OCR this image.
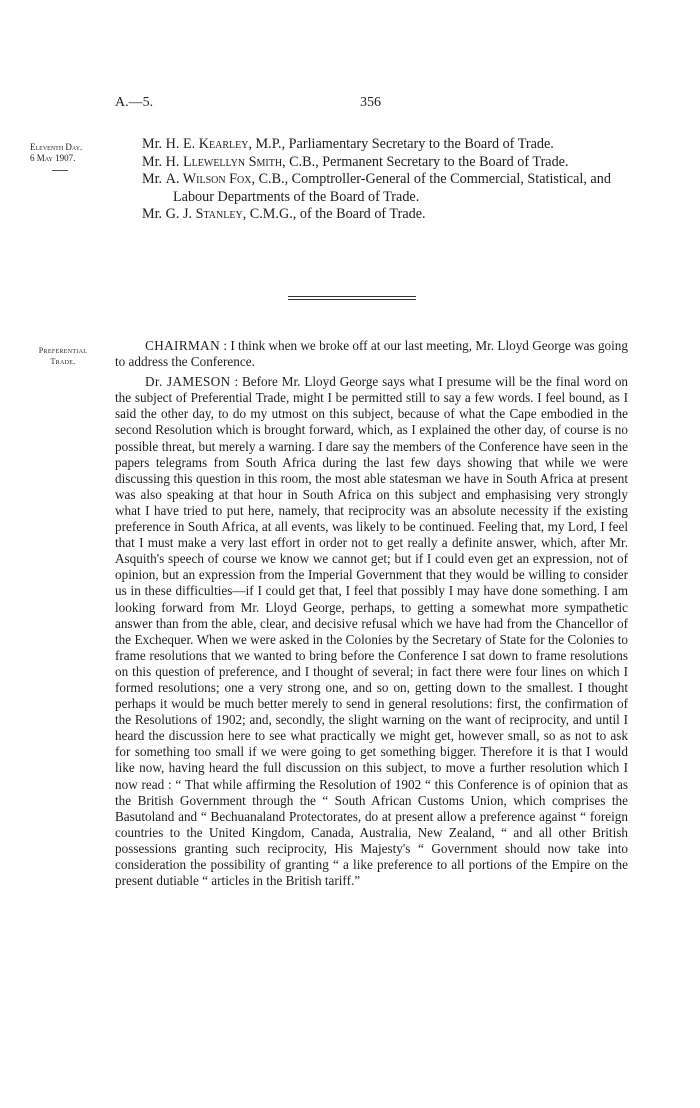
A.—5.	356
Eleventh Day.
6 May 1907.
Mr. H. E. Kearley, M.P., Parliamentary Secretary to the Board of Trade.
Mr. H. Llewellyn Smith, C.B., Permanent Secretary to the Board of Trade.
Mr. A. Wilson Fox, C.B., Comptroller-General of the Commercial, Statistical, and Labour Departments of the Board of Trade.
Mr. G. J. Stanley, C.M.G., of the Board of Trade.
Preferential
Trade.

CHAIRMAN : I think when we broke off at our last meeting, Mr. Lloyd George was going to address the Conference.

Dr. JAMESON : Before Mr. Lloyd George says what I presume will be the final word on the subject of Preferential Trade, might I be permitted still to say a few words. I feel bound, as I said the other day, to do my utmost on this subject, because of what the Cape embodied in the second Resolution which is brought forward, which, as I explained the other day, of course is no possible threat, but merely a warning. I dare say the members of the Conference have seen in the papers telegrams from South Africa during the last few days showing that while we were discussing this question in this room, the most able statesman we have in South Africa at present was also speaking at that hour in South Africa on this subject and emphasising very strongly what I have tried to put here, namely, that reciprocity was an absolute necessity if the existing preference in South Africa, at all events, was likely to be continued. Feeling that, my Lord, I feel that I must make a very last effort in order not to get really a definite answer, which, after Mr. Asquith's speech of course we know we cannot get; but if I could even get an expression, not of opinion, but an expression from the Imperial Government that they would be willing to consider us in these difficulties—if I could get that, I feel that possibly I may have done something. I am looking forward from Mr. Lloyd George, perhaps, to getting a somewhat more sympathetic answer than from the able, clear, and decisive refusal which we have had from the Chancellor of the Exchequer. When we were asked in the Colonies by the Secretary of State for the Colonies to frame resolutions that we wanted to bring before the Conference I sat down to frame resolutions on this question of preference, and I thought of several; in fact there were four lines on which I formed resolutions; one a very strong one, and so on, getting down to the smallest. I thought perhaps it would be much better merely to send in general resolutions: first, the confirmation of the Resolutions of 1902; and, secondly, the slight warning on the want of reciprocity, and until I heard the discussion here to see what practically we might get, however small, so as not to ask for something too small if we were going to get something bigger. Therefore it is that I would like now, having heard the full discussion on this subject, to move a further resolution which I now read : “ That while affirming the Resolution of 1902 “ this Conference is of opinion that as the British Government through the “ South African Customs Union, which comprises the Basutoland and “ Bechuanaland Protectorates, do at present allow a preference against “ foreign countries to the United Kingdom, Canada, Australia, New Zealand, “ and all other British possessions granting such reciprocity, His Majesty's “ Government should now take into consideration the possibility of granting “ a like preference to all portions of the Empire on the present dutiable “ articles in the British tariff.”
